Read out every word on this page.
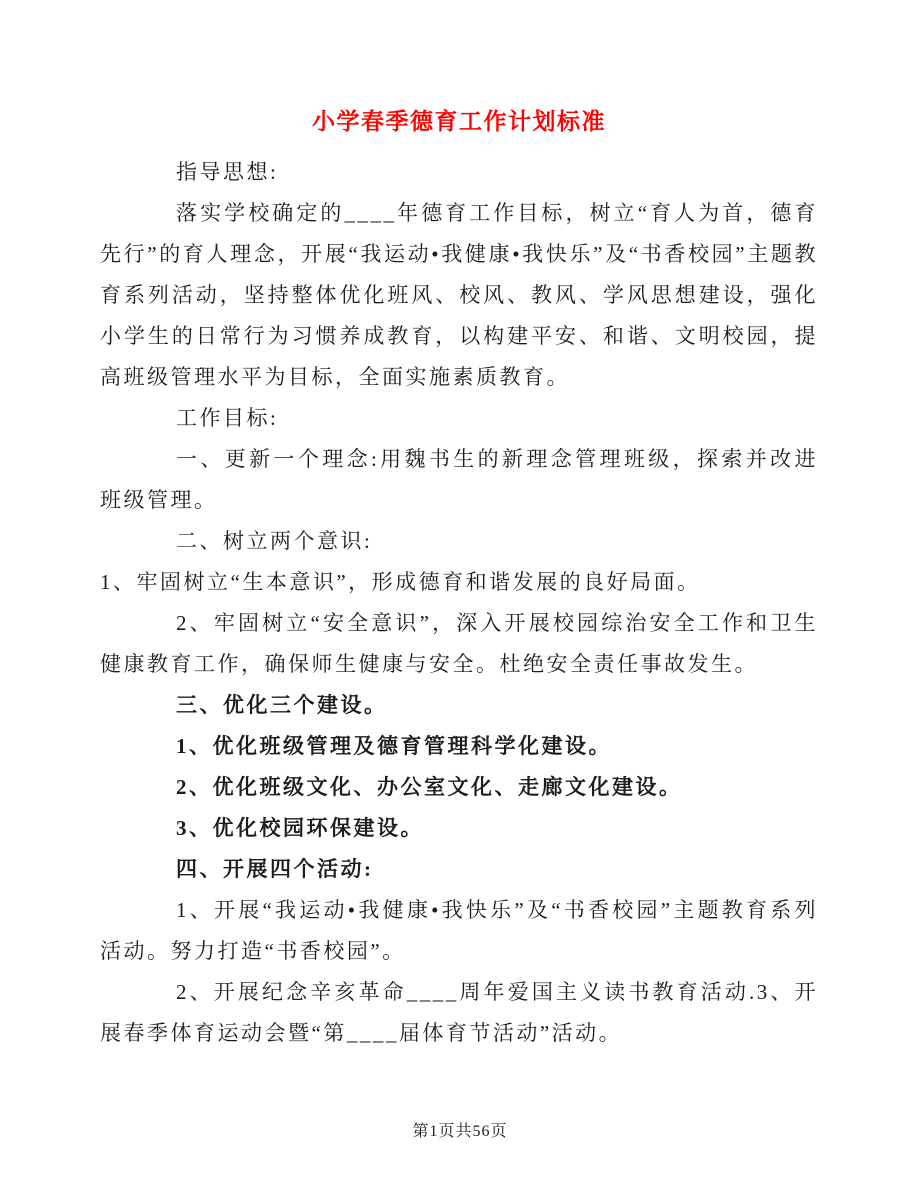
小学春季德育工作计划标准

指导思想:

落实学校确定的____年德育工作目标，树立“育人为首，德育先行”的育人理念，开展“我运动•我健康•我快乐”及“书香校园”主题教育系列活动，坚持整体优化班风、校风、教风、学风思想建设，强化小学生的日常行为习惯养成教育，以构建平安、和谐、文明校园，提高班级管理水平为目标，全面实施素质教育。

工作目标:

一、更新一个理念:用魏书生的新理念管理班级，探索并改进班级管理。

二、树立两个意识:

1、牢固树立“生本意识”，形成德育和谐发展的良好局面。

2、牢固树立“安全意识”，深入开展校园综治安全工作和卫生健康教育工作，确保师生健康与安全。杜绝安全责任事故发生。

三、优化三个建设。

1、优化班级管理及德育管理科学化建设。

2、优化班级文化、办公室文化、走廊文化建设。

3、优化校园环保建设。

四、开展四个活动:

1、开展“我运动•我健康•我快乐”及“书香校园”主题教育系列活动。努力打造“书香校园”。

2、开展纪念辛亥革命____周年爱国主义读书教育活动.3、开展春季体育运动会暨“第____届体育节活动”活动。

第1页共56页
